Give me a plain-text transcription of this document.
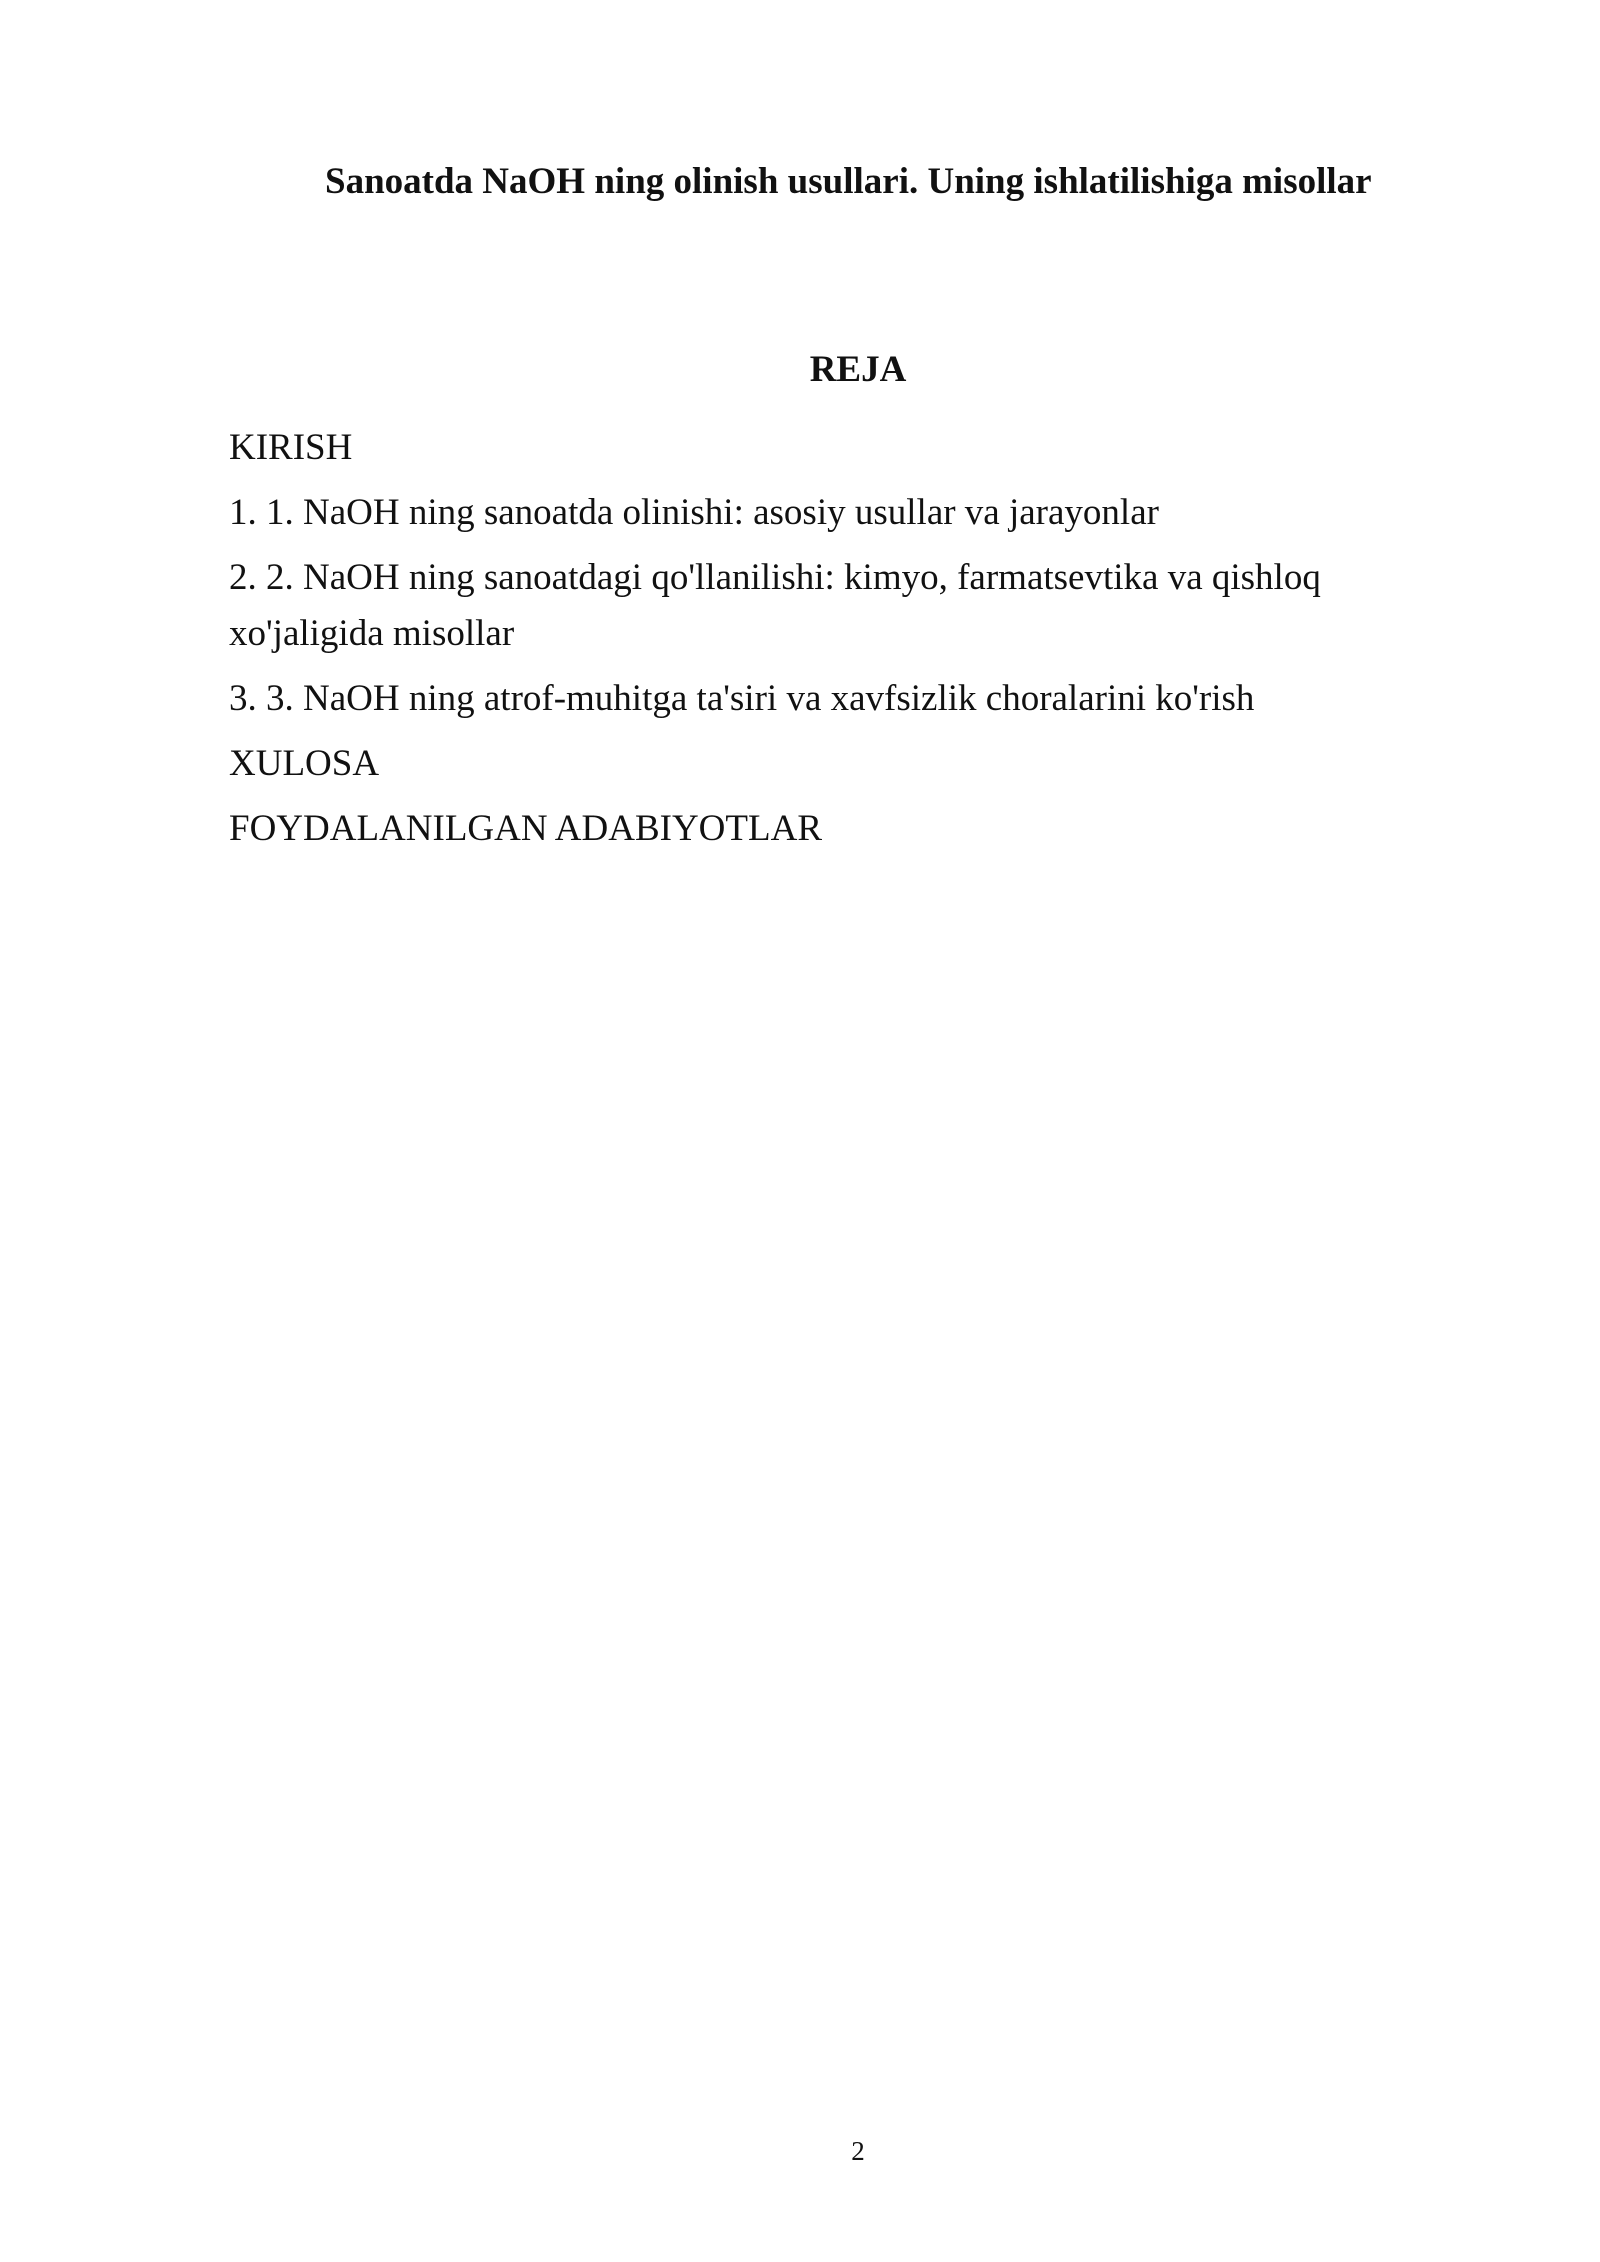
Sanoatda NaOH ning olinish usullari. Uning ishlatilishiga misollar
REJA
KIRISH
1. 1. NaOH ning sanoatda olinishi: asosiy usullar va jarayonlar
2. 2. NaOH ning sanoatdagi qo'llanilishi: kimyo, farmatsevtika va qishloq xo'jaligida misollar
3. 3. NaOH ning atrof-muhitga ta'siri va xavfsizlik choralarini ko'rish
XULOSA
FOYDALANILGAN ADABIYOTLAR
2
